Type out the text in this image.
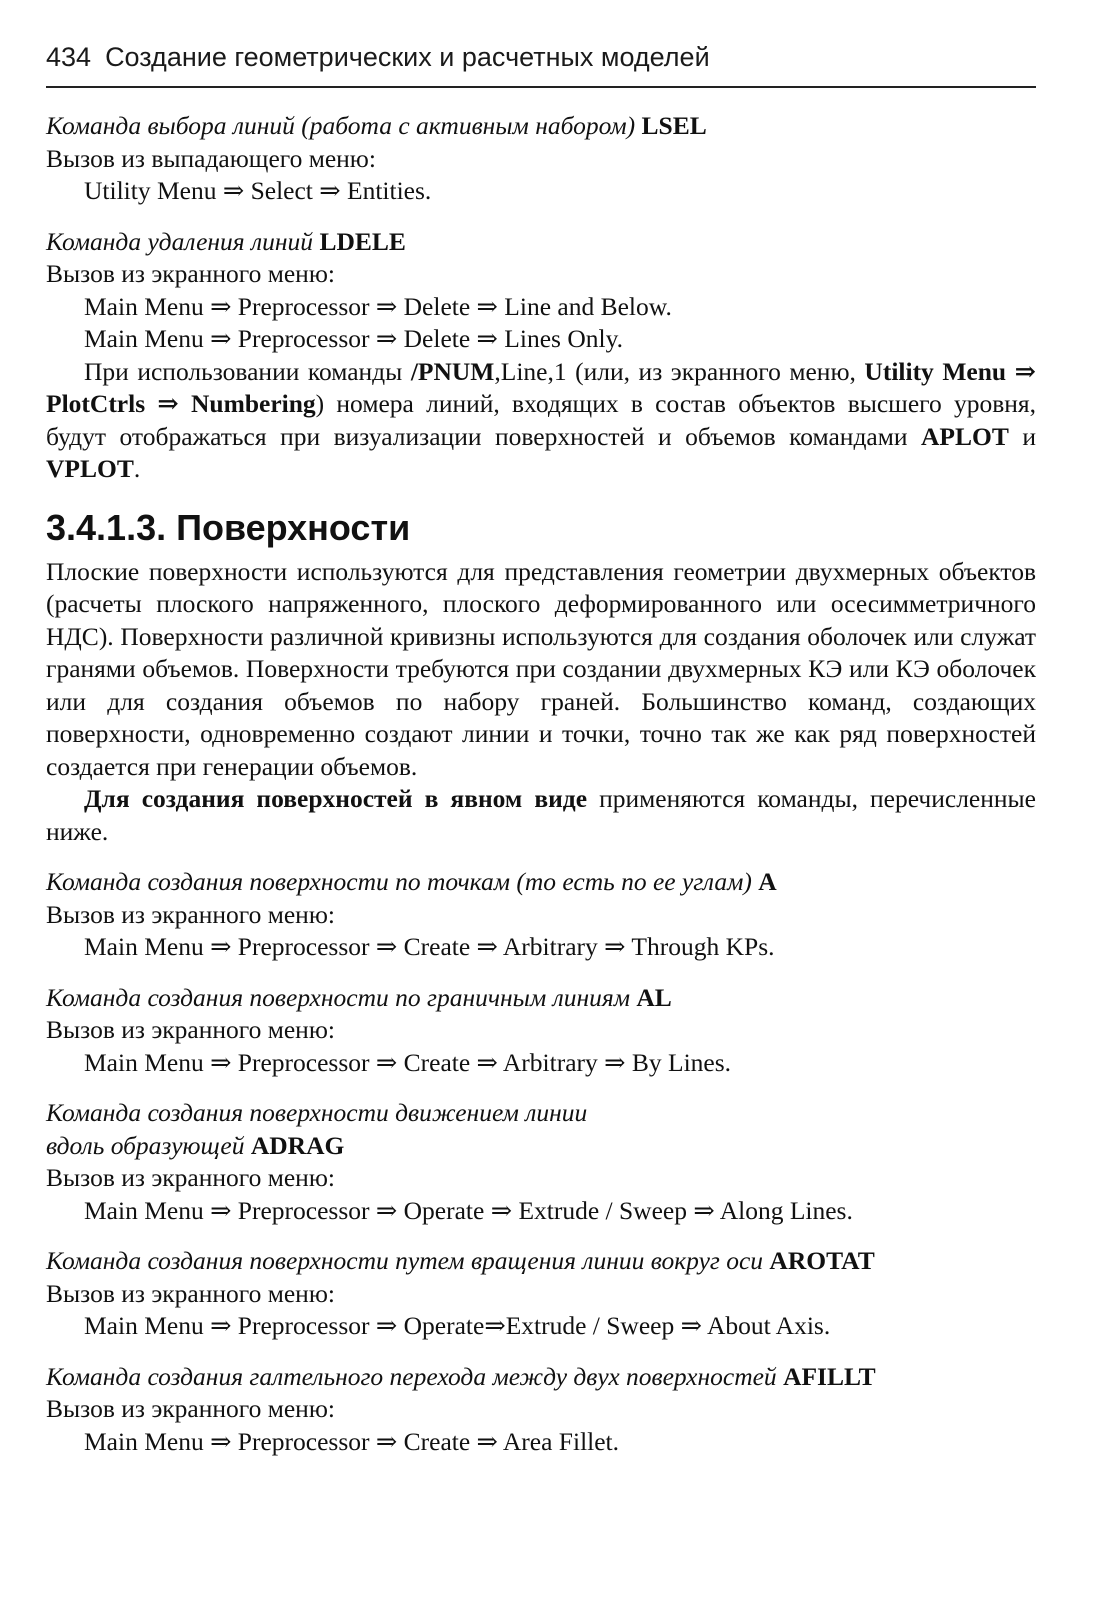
434 Создание геометрических и расчетных моделей

Команда выбора линий (работа с активным набором) LSEL

Вызов из выпадающего меню:

Utility Menu ⇒ Select ⇒ Entities.

Команда удаления линий LDELE

Вызов из экранного меню:

Main Menu ⇒ Preprocessor ⇒ Delete ⇒ Line and Below.

Main Menu ⇒ Preprocessor ⇒ Delete ⇒ Lines Only.

При использовании команды /PNUM,Line,1 (или, из экранного меню, Utility Menu ⇒ PlotCtrls ⇒ Numbering) номера линий, входящих в состав объектов высшего уровня, будут отображаться при визуализации поверхностей и объемов командами APLOT и VPLOT.

3.4.1.3. Поверхности

Плоские поверхности используются для представления геометрии двухмерных объектов (расчеты плоского напряженного, плоского деформированного или осесимметричного НДС). Поверхности различной кривизны используются для создания оболочек или служат гранями объемов. Поверхности требуются при создании двухмерных КЭ или КЭ оболочек или для создания объемов по набору граней. Большинство команд, создающих поверхности, одновременно создают линии и точки, точно так же как ряд поверхностей создается при генерации объемов.

Для создания поверхностей в явном виде применяются команды, перечисленные ниже.

Команда создания поверхности по точкам (то есть по ее углам) A

Вызов из экранного меню:

Main Menu ⇒ Preprocessor ⇒ Create ⇒ Arbitrary ⇒ Through KPs.

Команда создания поверхности по граничным линиям AL

Вызов из экранного меню:

Main Menu ⇒ Preprocessor ⇒ Create ⇒ Arbitrary ⇒ By Lines.

Команда создания поверхности движением линии

вдоль образующей ADRAG

Вызов из экранного меню:

Main Menu ⇒ Preprocessor ⇒ Operate ⇒ Extrude / Sweep ⇒ Along Lines.

Команда создания поверхности путем вращения линии вокруг оси AROTAT

Вызов из экранного меню:

Main Menu ⇒ Preprocessor ⇒ Operate⇒Extrude / Sweep ⇒ About Axis.

Команда создания галтельного перехода между двух поверхностей AFILLT

Вызов из экранного меню:

Main Menu ⇒ Preprocessor ⇒ Create ⇒ Area Fillet.
